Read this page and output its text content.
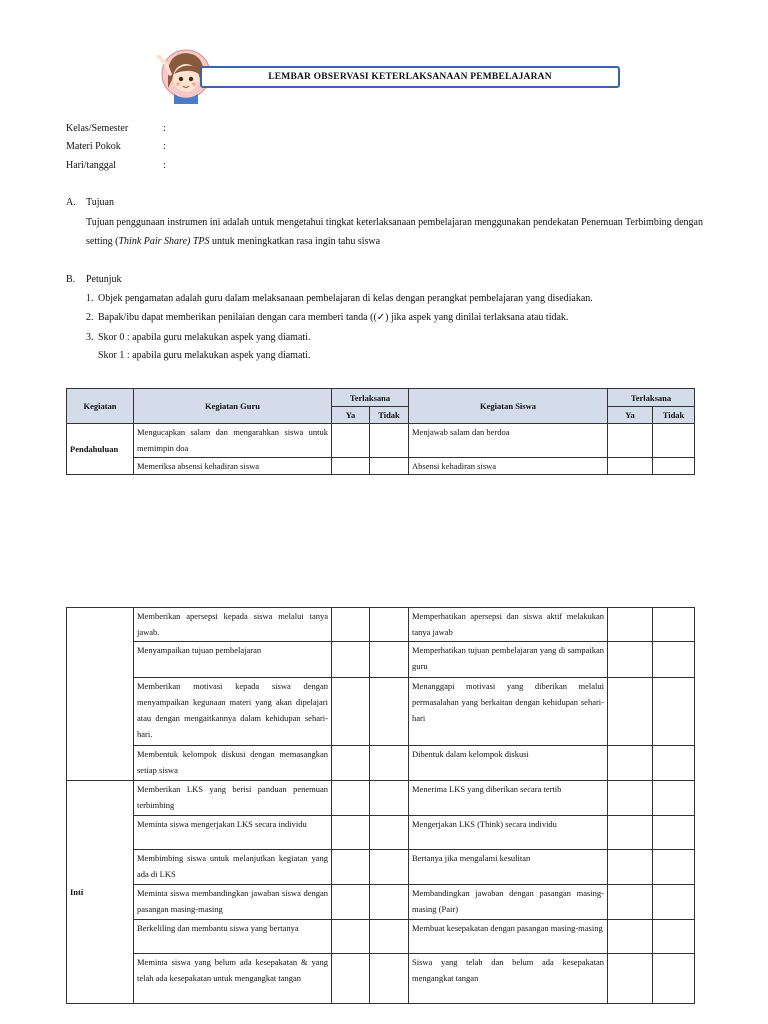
LEMBAR OBSERVASI KETERLAKSANAAN PEMBELAJARAN
Kelas/Semester	:
Materi Pokok	:
Hari/tanggal	:
A. Tujuan
Tujuan penggunaan instrumen ini adalah untuk mengetahui tingkat keterlaksanaan pembelajaran menggunakan pendekatan Penemuan Terbimbing dengan setting (Think Pair Share) TPS untuk meningkatkan rasa ingin tahu siswa
B. Petunjuk
1. Objek pengamatan adalah guru dalam melaksanaan pembelajaran di kelas dengan perangkat pembelajaran yang disediakan.
2. Bapak/ibu dapat memberikan penilaian dengan cara memberi tanda ((✓) jika aspek yang dinilai terlaksana atau tidak.
3. Skor 0 : apabila guru melakukan aspek yang diamati.
Skor 1 : apabila guru melakukan aspek yang diamati.
Kegiatan	Kegiatan Guru	Terlaksana		Kegiatan Siswa	Terlaksana	
		Ya	Tidak		Ya	Tidak
Pendahuluan	Mengucapkan salam dan mengarahkan siswa untuk memimpin doa			Menjawab salam dan berdoa		
	Memeriksa absensi kehadiran siswa			Absensi kehadiran siswa		
	Memberikan apersepsi kepada siswa melalui tanya jawab.			Memperhatikan apersepsi dan siswa aktif melakukan tanya jawab		
	Menyampaikan tujuan pembelajaran			Memperhatikan tujuan pembelajaran yang di sampaikan guru		
	Memberikan motivasi kepada siswa dengan menyampaikan kegunaan materi yang akan dipelajari atau dengan mengaitkannya dalam kehidupan sehari-hari.			Menanggapi motivasi yang diberikan melalui permasalahan yang berkaitan dengan kehidupan sehari-hari		
	Membentuk kelompok diskusi dengan memasangkan setiap siswa			Dibentuk dalam kelompok diskusi		
Inti	Memberikan LKS yang berisi panduan penemuan terbimbing			Menerima LKS yang diberikan secara tertib		
	Meminta siswa mengerjakan LKS secara individu			Mengerjakan LKS (Think) secara individu		
	Membimbing siswa untuk melanjutkan kegiatan yang ada di LKS			Bertanya jika mengalami kesulitan		
	Meminta siswa membandingkan jawaban siswa dengan pasangan masing-masing			Membandingkan jawaban dengan pasangan masing-masing (Pair)		
	Berkeliling dan membantu siswa yang bertanya			Membuat kesepakatan dengan pasangan masing-masing		
	Meminta siswa yang belum ada kesepakatan & yang telah ada kesepakatan untuk mengangkat tangan			Siswa yang telah dan belum ada kesepakatan mengangkat tangan		
